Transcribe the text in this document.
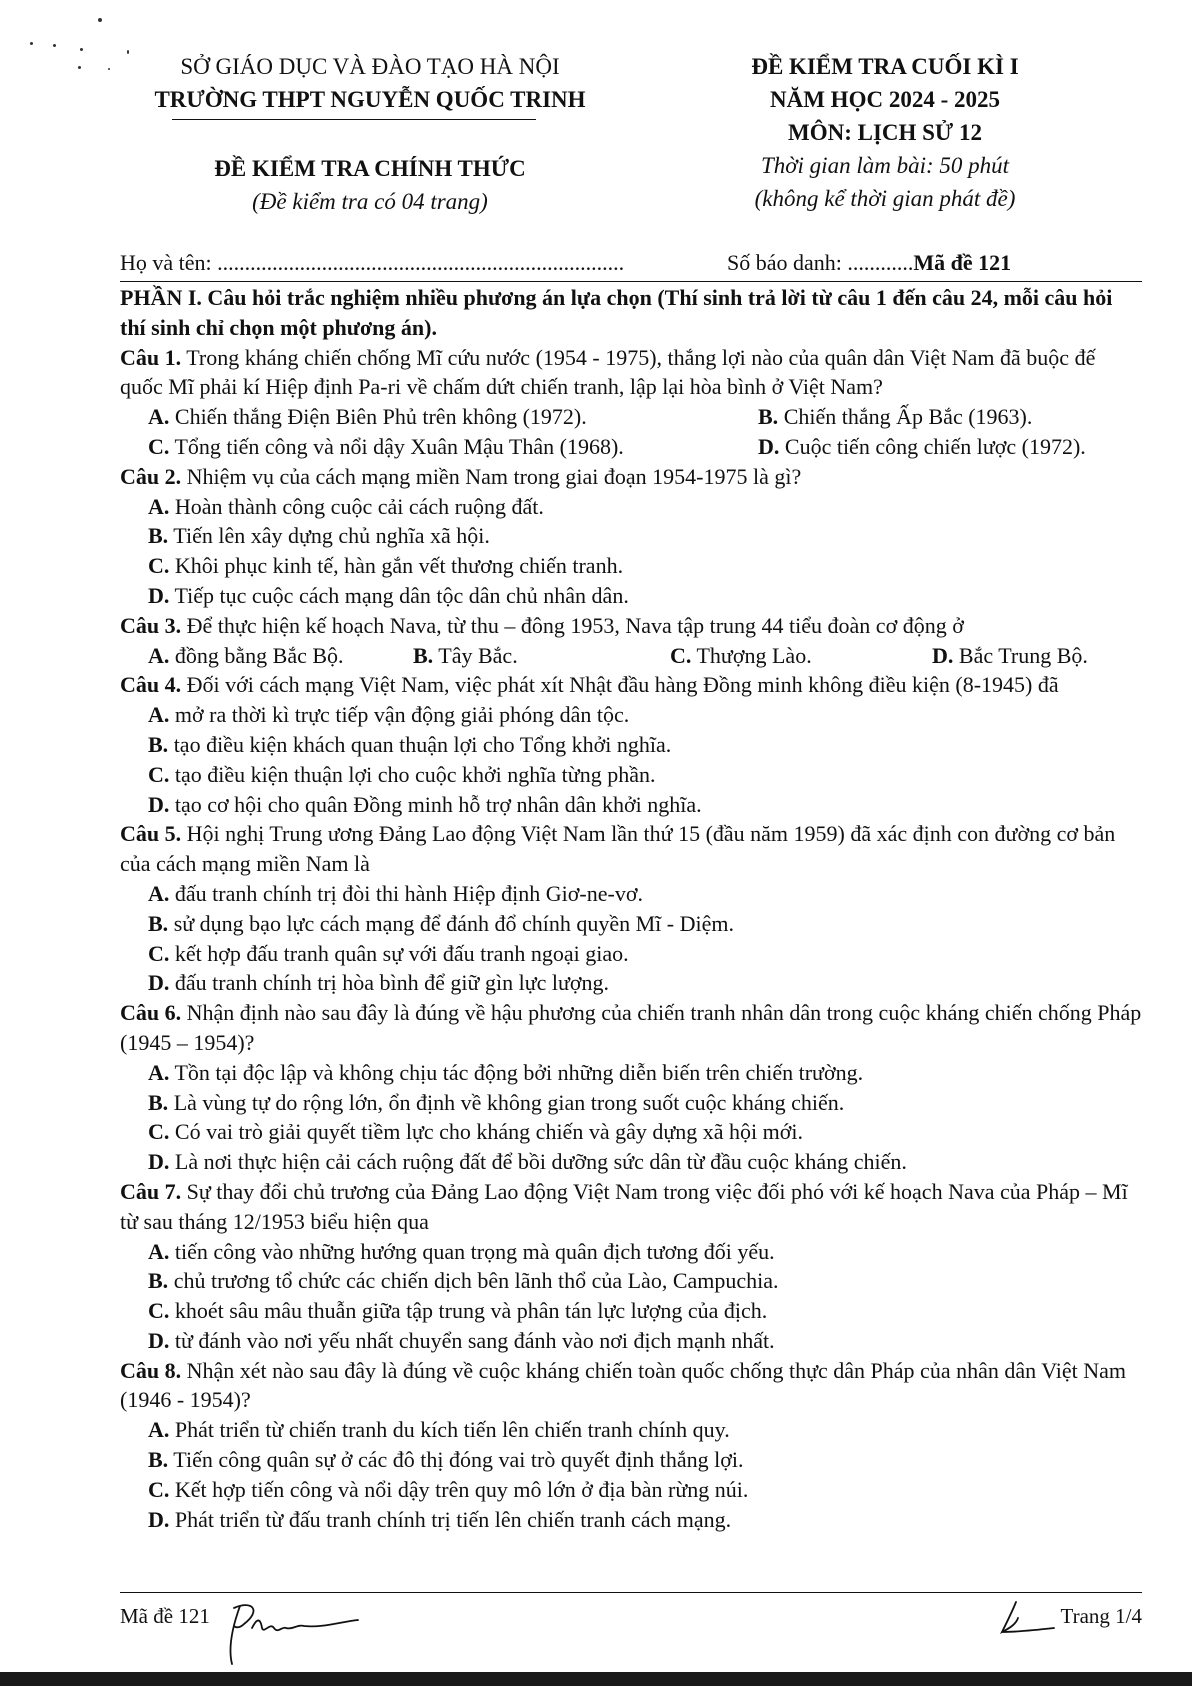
SỞ GIÁO DỤC VÀ ĐÀO TẠO HÀ NỘI
TRƯỜNG THPT NGUYỄN QUỐC TRINH
ĐỀ KIỂM TRA CHÍNH THỨC
(Đề kiểm tra có 04 trang)
ĐỀ KIỂM TRA CUỐI KÌ I
NĂM HỌC 2024 - 2025
MÔN: LỊCH SỬ 12
Thời gian làm bài: 50 phút
(không kể thời gian phát đề)
Họ và tên: ..........................................................................	Số báo danh: ............Mã đề 121
PHẦN I. Câu hỏi trắc nghiệm nhiều phương án lựa chọn (Thí sinh trả lời từ câu 1 đến câu 24, mỗi câu hỏi thí sinh chỉ chọn một phương án).
Câu 1. Trong kháng chiến chống Mĩ cứu nước (1954 - 1975), thắng lợi nào của quân dân Việt Nam đã buộc đế quốc Mĩ phải kí Hiệp định Pa-ri về chấm dứt chiến tranh, lập lại hòa bình ở Việt Nam?
A. Chiến thắng Điện Biên Phủ trên không (1972).	B. Chiến thắng Ấp Bắc (1963).
C. Tổng tiến công và nổi dậy Xuân Mậu Thân (1968).	D. Cuộc tiến công chiến lược (1972).
Câu 2. Nhiệm vụ của cách mạng miền Nam trong giai đoạn 1954-1975 là gì?
A. Hoàn thành công cuộc cải cách ruộng đất.
B. Tiến lên xây dựng chủ nghĩa xã hội.
C. Khôi phục kinh tế, hàn gắn vết thương chiến tranh.
D. Tiếp tục cuộc cách mạng dân tộc dân chủ nhân dân.
Câu 3. Để thực hiện kế hoạch Nava, từ thu – đông 1953, Nava tập trung 44 tiểu đoàn cơ động ở
A. đồng bằng Bắc Bộ.	B. Tây Bắc.	C. Thượng Lào.	D. Bắc Trung Bộ.
Câu 4. Đối với cách mạng Việt Nam, việc phát xít Nhật đầu hàng Đồng minh không điều kiện (8-1945) đã
A. mở ra thời kì trực tiếp vận động giải phóng dân tộc.
B. tạo điều kiện khách quan thuận lợi cho Tổng khởi nghĩa.
C. tạo điều kiện thuận lợi cho cuộc khởi nghĩa từng phần.
D. tạo cơ hội cho quân Đồng minh hỗ trợ nhân dân khởi nghĩa.
Câu 5. Hội nghị Trung ương Đảng Lao động Việt Nam lần thứ 15 (đầu năm 1959) đã xác định con đường cơ bản của cách mạng miền Nam là
A. đấu tranh chính trị đòi thi hành Hiệp định Giơ-ne-vơ.
B. sử dụng bạo lực cách mạng để đánh đổ chính quyền Mĩ - Diệm.
C. kết hợp đấu tranh quân sự với đấu tranh ngoại giao.
D. đấu tranh chính trị hòa bình để giữ gìn lực lượng.
Câu 6. Nhận định nào sau đây là đúng về hậu phương của chiến tranh nhân dân trong cuộc kháng chiến chống Pháp (1945 – 1954)?
A. Tồn tại độc lập và không chịu tác động bởi những diễn biến trên chiến trường.
B. Là vùng tự do rộng lớn, ổn định về không gian trong suốt cuộc kháng chiến.
C. Có vai trò giải quyết tiềm lực cho kháng chiến và gây dựng xã hội mới.
D. Là nơi thực hiện cải cách ruộng đất để bồi dưỡng sức dân từ đầu cuộc kháng chiến.
Câu 7. Sự thay đổi chủ trương của Đảng Lao động Việt Nam trong việc đối phó với kế hoạch Nava của Pháp – Mĩ từ sau tháng 12/1953 biểu hiện qua
A. tiến công vào những hướng quan trọng mà quân địch tương đối yếu.
B. chủ trương tổ chức các chiến dịch bên lãnh thổ của Lào, Campuchia.
C. khoét sâu mâu thuẫn giữa tập trung và phân tán lực lượng của địch.
D. từ đánh vào nơi yếu nhất chuyển sang đánh vào nơi địch mạnh nhất.
Câu 8. Nhận xét nào sau đây là đúng về cuộc kháng chiến toàn quốc chống thực dân Pháp của nhân dân Việt Nam (1946 - 1954)?
A. Phát triển từ chiến tranh du kích tiến lên chiến tranh chính quy.
B. Tiến công quân sự ở các đô thị đóng vai trò quyết định thắng lợi.
C. Kết hợp tiến công và nổi dậy trên quy mô lớn ở địa bàn rừng núi.
D. Phát triển từ đấu tranh chính trị tiến lên chiến tranh cách mạng.
Mã đề 121	Trang 1/4
